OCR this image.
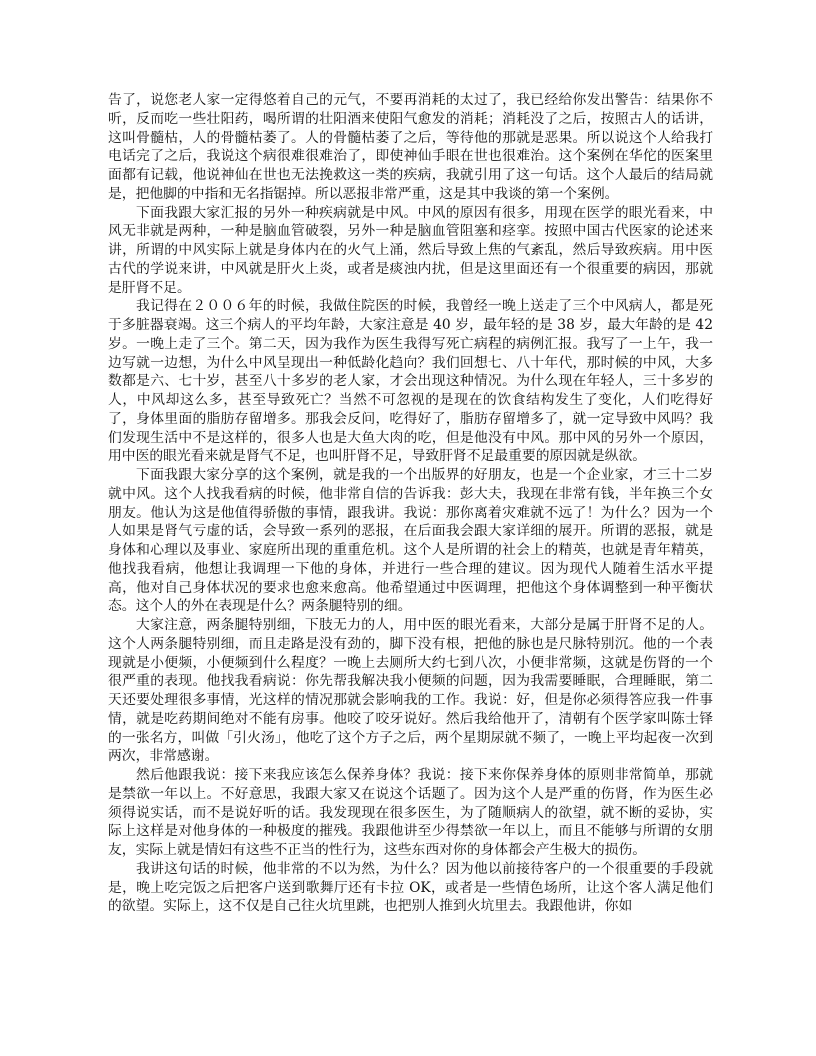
告了，说您老人家一定得悠着自己的元气，不要再消耗的太过了，我已经给你发出警告：结果你不听，反而吃一些壮阳药，喝所谓的壮阳酒来使阳气愈发的消耗；消耗没了之后，按照古人的话讲，这叫骨髓枯，人的骨髓枯萎了。人的骨髓枯萎了之后，等待他的那就是恶果。所以说这个人给我打电话完了之后，我说这个病很难很难治了，即使神仙手眼在世也很难治。这个案例在华佗的医案里面都有记载，他说神仙在世也无法挽救这一类的疾病，我就引用了这一句话。这个人最后的结局就是，把他脚的中指和无名指锯掉。所以恶报非常严重，这是其中我谈的第一个案例。

下面我跟大家汇报的另外一种疾病就是中风。中风的原因有很多，用现在医学的眼光看来，中风无非就是两种，一种是脑血管破裂，另外一种是脑血管阻塞和痉挛。按照中国古代医家的论述来讲，所谓的中风实际上就是身体内在的火气上涌，然后导致上焦的气紊乱，然后导致疾病。用中医古代的学说来讲，中风就是肝火上炎，或者是痰浊内扰，但是这里面还有一个很重要的病因，那就是肝肾不足。

我记得在２００６年的时候，我做住院医的时候，我曾经一晚上送走了三个中风病人，都是死于多脏器衰竭。这三个病人的平均年龄，大家注意是 40 岁，最年轻的是 38 岁，最大年龄的是 42 岁。一晚上走了三个。第二天，因为我作为医生我得写死亡病程的病例汇报。我写了一上午，我一边写就一边想，为什么中风呈现出一种低龄化趋向？我们回想七、八十年代，那时候的中风，大多数都是六、七十岁，甚至八十多岁的老人家，才会出现这种情况。为什么现在年轻人，三十多岁的人，中风却这么多，甚至导致死亡？当然不可忽视的是现在的饮食结构发生了变化，人们吃得好了，身体里面的脂肪存留增多。那我会反问，吃得好了，脂肪存留增多了，就一定导致中风吗？我们发现生活中不是这样的，很多人也是大鱼大肉的吃，但是他没有中风。那中风的另外一个原因，用中医的眼光看来就是肾气不足，也叫肝肾不足，导致肝肾不足最重要的原因就是纵欲。

下面我跟大家分享的这个案例，就是我的一个出版界的好朋友，也是一个企业家，才三十二岁就中风。这个人找我看病的时候，他非常自信的告诉我：彭大夫，我现在非常有钱，半年换三个女朋友。他认为这是他值得骄傲的事情，跟我讲。我说：那你离着灾难就不远了！为什么？因为一个人如果是肾气亏虚的话，会导致一系列的恶报，在后面我会跟大家详细的展开。所谓的恶报，就是身体和心理以及事业、家庭所出现的重重危机。这个人是所谓的社会上的精英，也就是青年精英，他找我看病，他想让我调理一下他的身体，并进行一些合理的建议。因为现代人随着生活水平提高，他对自己身体状况的要求也愈来愈高。他希望通过中医调理，把他这个身体调整到一种平衡状态。这个人的外在表现是什么？两条腿特别的细。

大家注意，两条腿特别细，下肢无力的人，用中医的眼光看来，大部分是属于肝肾不足的人。这个人两条腿特别细，而且走路是没有劲的，脚下没有根，把他的脉也是尺脉特别沉。他的一个表现就是小便频，小便频到什么程度？一晚上去厕所大约七到八次，小便非常频，这就是伤肾的一个很严重的表现。他找我看病说：你先帮我解决我小便频的问题，因为我需要睡眠，合理睡眠，第二天还要处理很多事情，光这样的情况那就会影响我的工作。我说：好，但是你必须得答应我一件事情，就是吃药期间绝对不能有房事。他咬了咬牙说好。然后我给他开了，清朝有个医学家叫陈士铎的一张名方，叫做「引火汤」，他吃了这个方子之后，两个星期尿就不频了，一晚上平均起夜一次到两次，非常感谢。

然后他跟我说：接下来我应该怎么保养身体？我说：接下来你保养身体的原则非常简单，那就是禁欲一年以上。不好意思，我跟大家又在说这个话题了。因为这个人是严重的伤肾，作为医生必须得说实话，而不是说好听的话。我发现现在很多医生，为了随顺病人的欲望，就不断的妥协，实际上这样是对他身体的一种极度的摧残。我跟他讲至少得禁欲一年以上，而且不能够与所谓的女朋友，实际上就是情妇有这些不正当的性行为，这些东西对你的身体都会产生极大的损伤。

我讲这句话的时候，他非常的不以为然，为什么？因为他以前接待客户的一个很重要的手段就是，晚上吃完饭之后把客户送到歌舞厅还有卡拉 OK，或者是一些情色场所，让这个客人满足他们的欲望。实际上，这不仅是自己往火坑里跳，也把别人推到火坑里去。我跟他讲，你如
